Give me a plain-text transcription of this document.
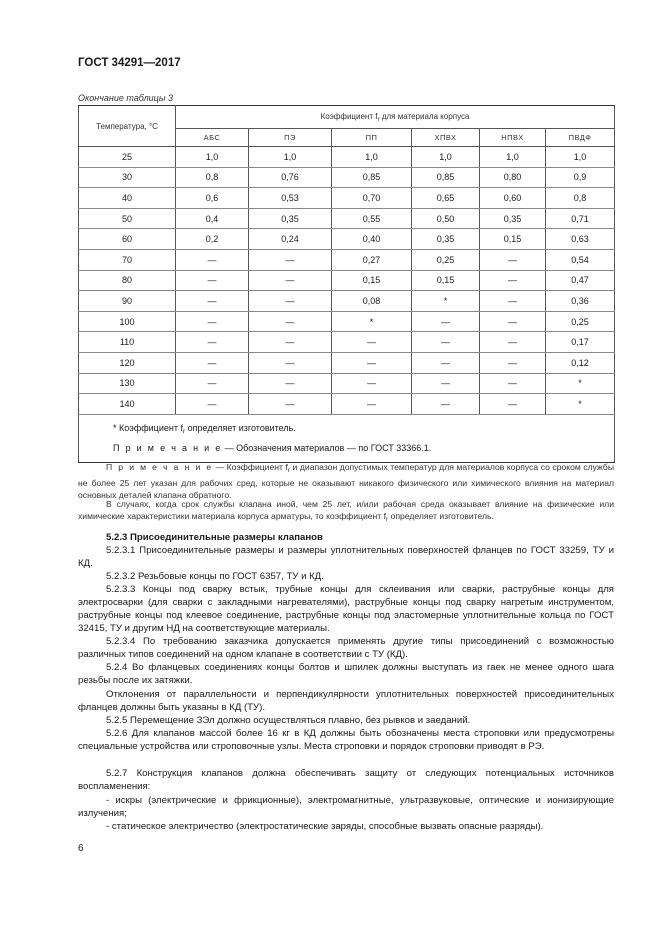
ГОСТ 34291—2017
Окончание таблицы 3
Температура, °С	Коэффициент $f_r$ для материала корпуса					
	АБС	ПЭ	ПП	ХПВХ	НПВХ	ПВДФ
25	1,0	1,0	1,0	1,0	1,0	1,0
30	0,8	0,76	0,85	0,85	0,80	0,9
40	0,6	0,53	0,70	0,65	0,60	0,8
50	0,4	0,35	0,55	0,50	0,35	0,71
60	0,2	0,24	0,40	0,35	0,15	0,63
70	—	—	0,27	0,25	—	0,54
80	—	—	0,15	0,15	—	0,47
90	—	—	0,08	*	—	0,36
100	—	—	*	—	—	0,25
110	—	—	—	—	—	0,17
120	—	—	—	—	—	0,12
130	—	—	—	—	—	*
140	—	—	—	—	—	*

* Коэффициент $f_r$ определяет изготовитель.
П р и м е ч а н и е — Обозначения материалов — по ГОСТ 33366.1.						

П р и м е ч а н и е — Коэффициент $f_r$ и диапазон допустимых температур для материалов корпуса со сроком службы не более 25 лет указан для рабочих сред, которые не оказывают никакого физического или химического влияния на материал основных деталей клапана обратного.

В случаях, когда срок службы клапана иной, чем 25 лет, и/или рабочая среда оказывает влияние на физические или химические характеристики материала корпуса арматуры, то коэффициент $f_r$ определяет изготовитель.

5.2.3 Присоединительные размеры клапанов

5.2.3.1 Присоединительные размеры и размеры уплотнительных поверхностей фланцев по ГОСТ 33259, ТУ и КД.

5.2.3.2 Резьбовые концы по ГОСТ 6357, ТУ и КД.

5.2.3.3 Концы под сварку встык, трубные концы для склеивания или сварки, раструбные концы для электросварки (для сварки с закладными нагревателями), раструбные концы под сварку нагретым инструментом, раструбные концы под клеевое соединение, раструбные концы под эластомерные уплотнительные кольца по ГОСТ 32415, ТУ и другим НД на соответствующие материалы.

5.2.3.4 По требованию заказчика допускается применять другие типы присоединений с возможностью различных типов соединений на одном клапане в соответствии с ТУ (КД).

5.2.4 Во фланцевых соединениях концы болтов и шпилек должны выступать из гаек не менее одного шага резьбы после их затяжки.

Отклонения от параллельности и перпендикулярности уплотнительных поверхностей присоединительных фланцев должны быть указаны в КД (ТУ).

5.2.5 Перемещение ЗЭл должно осуществляться плавно, без рывков и заеданий.

5.2.6 Для клапанов массой более 16 кг в КД должны быть обозначены места строповки или предусмотрены специальные устройства или строповочные узлы. Места строповки и порядок строповки приводят в РЭ.

5.2.7 Конструкция клапанов должна обеспечивать защиту от следующих потенциальных источников воспламенения:

- искры (электрические и фрикционные), электромагнитные, ультразвуковые, оптические и ионизирующие излучения;

- статическое электричество (электростатические заряды, способные вызвать опасные разряды).

6
